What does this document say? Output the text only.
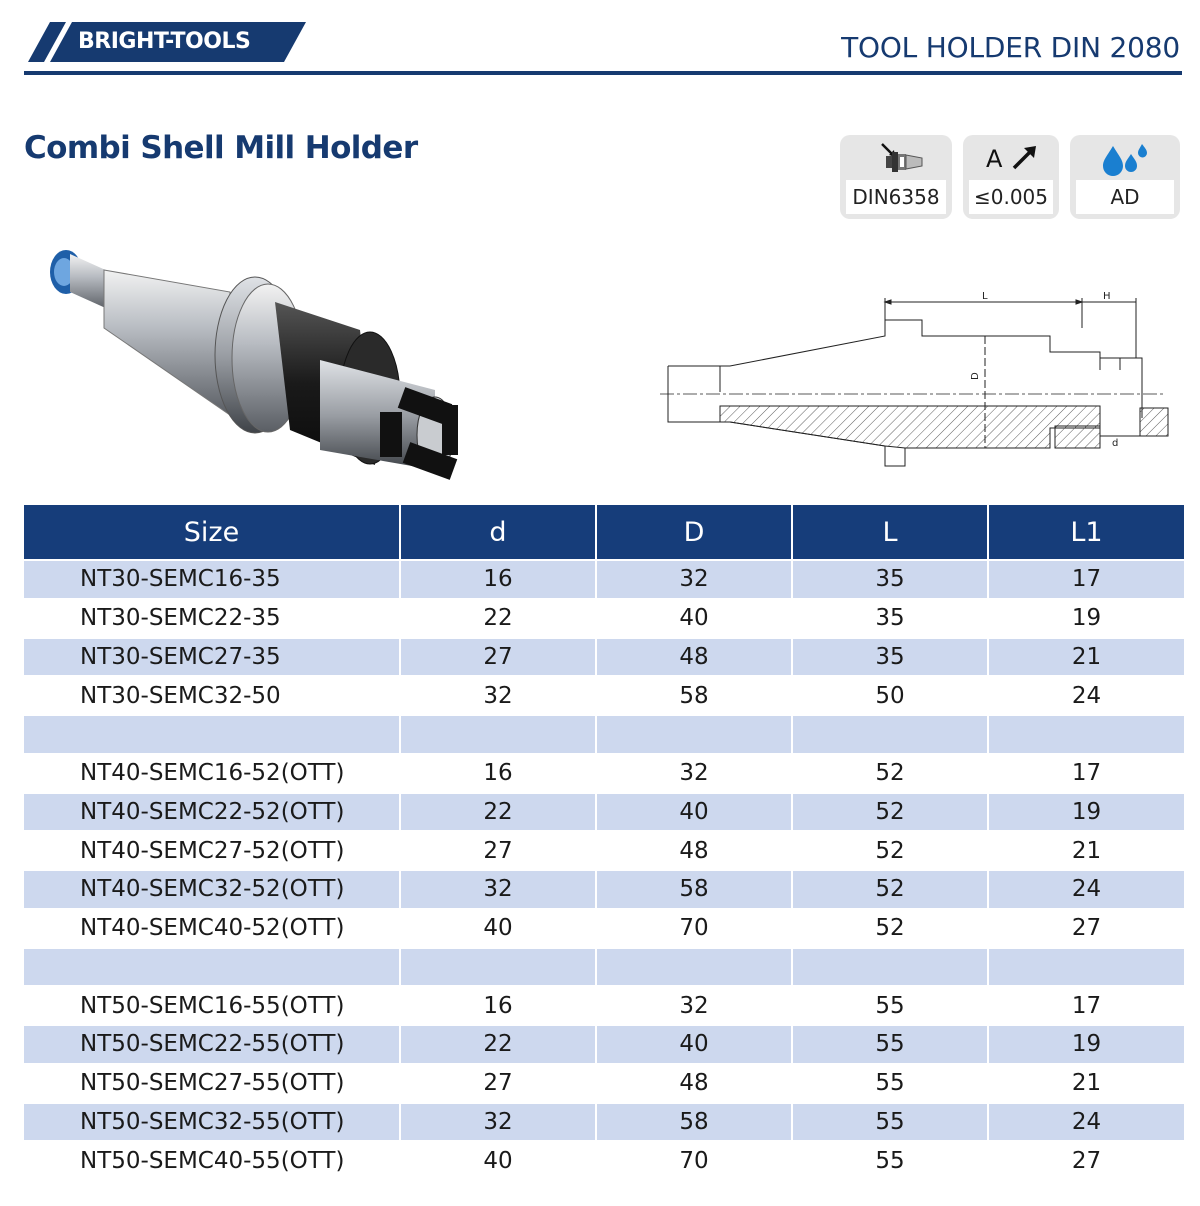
BRIGHT-TOOLS	TOOL HOLDER DIN 2080
Combi Shell Mill Holder
DIN6358
A
≤0.005	AD
L	H
D
d
Size	d	D	L	L1
NT30-SEMC16-35	16	32	35	17
NT30-SEMC22-35	22	40	35	19
NT30-SEMC27-35	27	48	35	21
NT30-SEMC32-50	32	58	50	24

NT40-SEMC16-52(OTT)	16	32	52	17
NT40-SEMC22-52(OTT)	22	40	52	19
NT40-SEMC27-52(OTT)	27	48	52	21
NT40-SEMC32-52(OTT)	32	58	52	24
NT40-SEMC40-52(OTT)	40	70	52	27

NT50-SEMC16-55(OTT)	16	32	55	17
NT50-SEMC22-55(OTT)	22	40	55	19
NT50-SEMC27-55(OTT)	27	48	55	21
NT50-SEMC32-55(OTT)	32	58	55	24
NT50-SEMC40-55(OTT)	40	70	55	27
